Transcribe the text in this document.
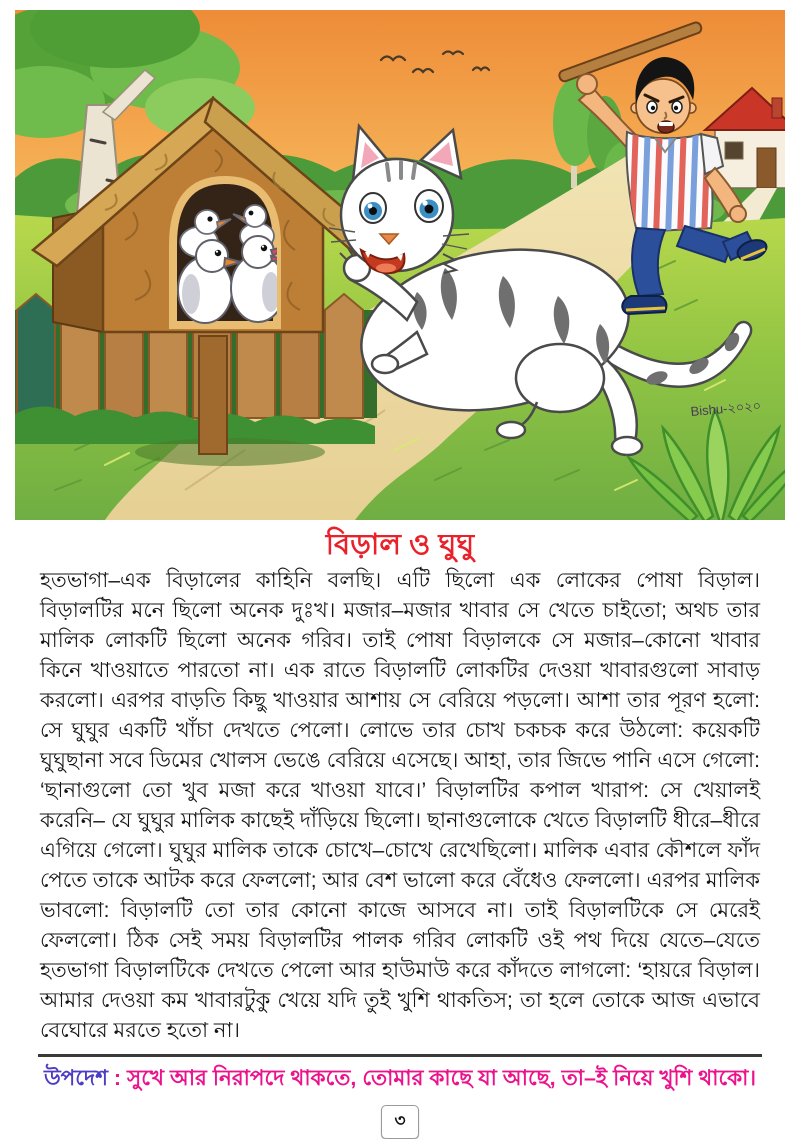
Bishu-২০২০
বিড়াল ও ঘুঘু

হতভাগা–এক বিড়ালের কাহিনি বলছি। এটি ছিলো এক লোকের পোষা বিড়াল। বিড়ালটির মনে ছিলো অনেক দুঃখ। মজার–মজার খাবার সে খেতে চাইতো; অথচ তার মালিক লোকটি ছিলো অনেক গরিব। তাই পোষা বিড়ালকে সে মজার–কোনো খাবার কিনে খাওয়াতে পারতো না। এক রাতে বিড়ালটি লোকটির দেওয়া খাবারগুলো সাবাড় করলো। এরপর বাড়তি কিছু খাওয়ার আশায় সে বেরিয়ে পড়লো। আশা তার পূরণ হলো: সে ঘুঘুর একটি খাঁচা দেখতে পেলো। লোভে তার চোখ চকচক করে উঠলো: কয়েকটি ঘুঘুছানা সবে ডিমের খোলস ভেঙে বেরিয়ে এসেছে। আহা, তার জিভে পানি এসে গেলো: ‘ছানাগুলো তো খুব মজা করে খাওয়া যাবে।’ বিড়ালটির কপাল খারাপ: সে খেয়ালই করেনি– যে ঘুঘুর মালিক কাছেই দাঁড়িয়ে ছিলো। ছানাগুলোকে খেতে বিড়ালটি ধীরে–ধীরে এগিয়ে গেলো। ঘুঘুর মালিক তাকে চোখে–চোখে রেখেছিলো। মালিক এবার কৌশলে ফাঁদ পেতে তাকে আটক করে ফেললো; আর বেশ ভালো করে বেঁধেও ফেললো। এরপর মালিক ভাবলো: বিড়ালটি তো তার কোনো কাজে আসবে না। তাই বিড়ালটিকে সে মেরেই ফেললো। ঠিক সেই সময় বিড়ালটির পালক গরিব লোকটি ওই পথ দিয়ে যেতে–যেতে হতভাগা বিড়ালটিকে দেখতে পেলো আর হাউমাউ করে কাঁদতে লাগলো: ‘হায়রে বিড়াল। আমার দেওয়া কম খাবারটুকু খেয়ে যদি তুই খুশি থাকতিস; তা হলে তোকে আজ এভাবে বেঘোরে মরতে হতো না।

উপদেশ : সুখে আর নিরাপদে থাকতে, তোমার কাছে যা আছে, তা–ই নিয়ে খুশি থাকো।

৩
